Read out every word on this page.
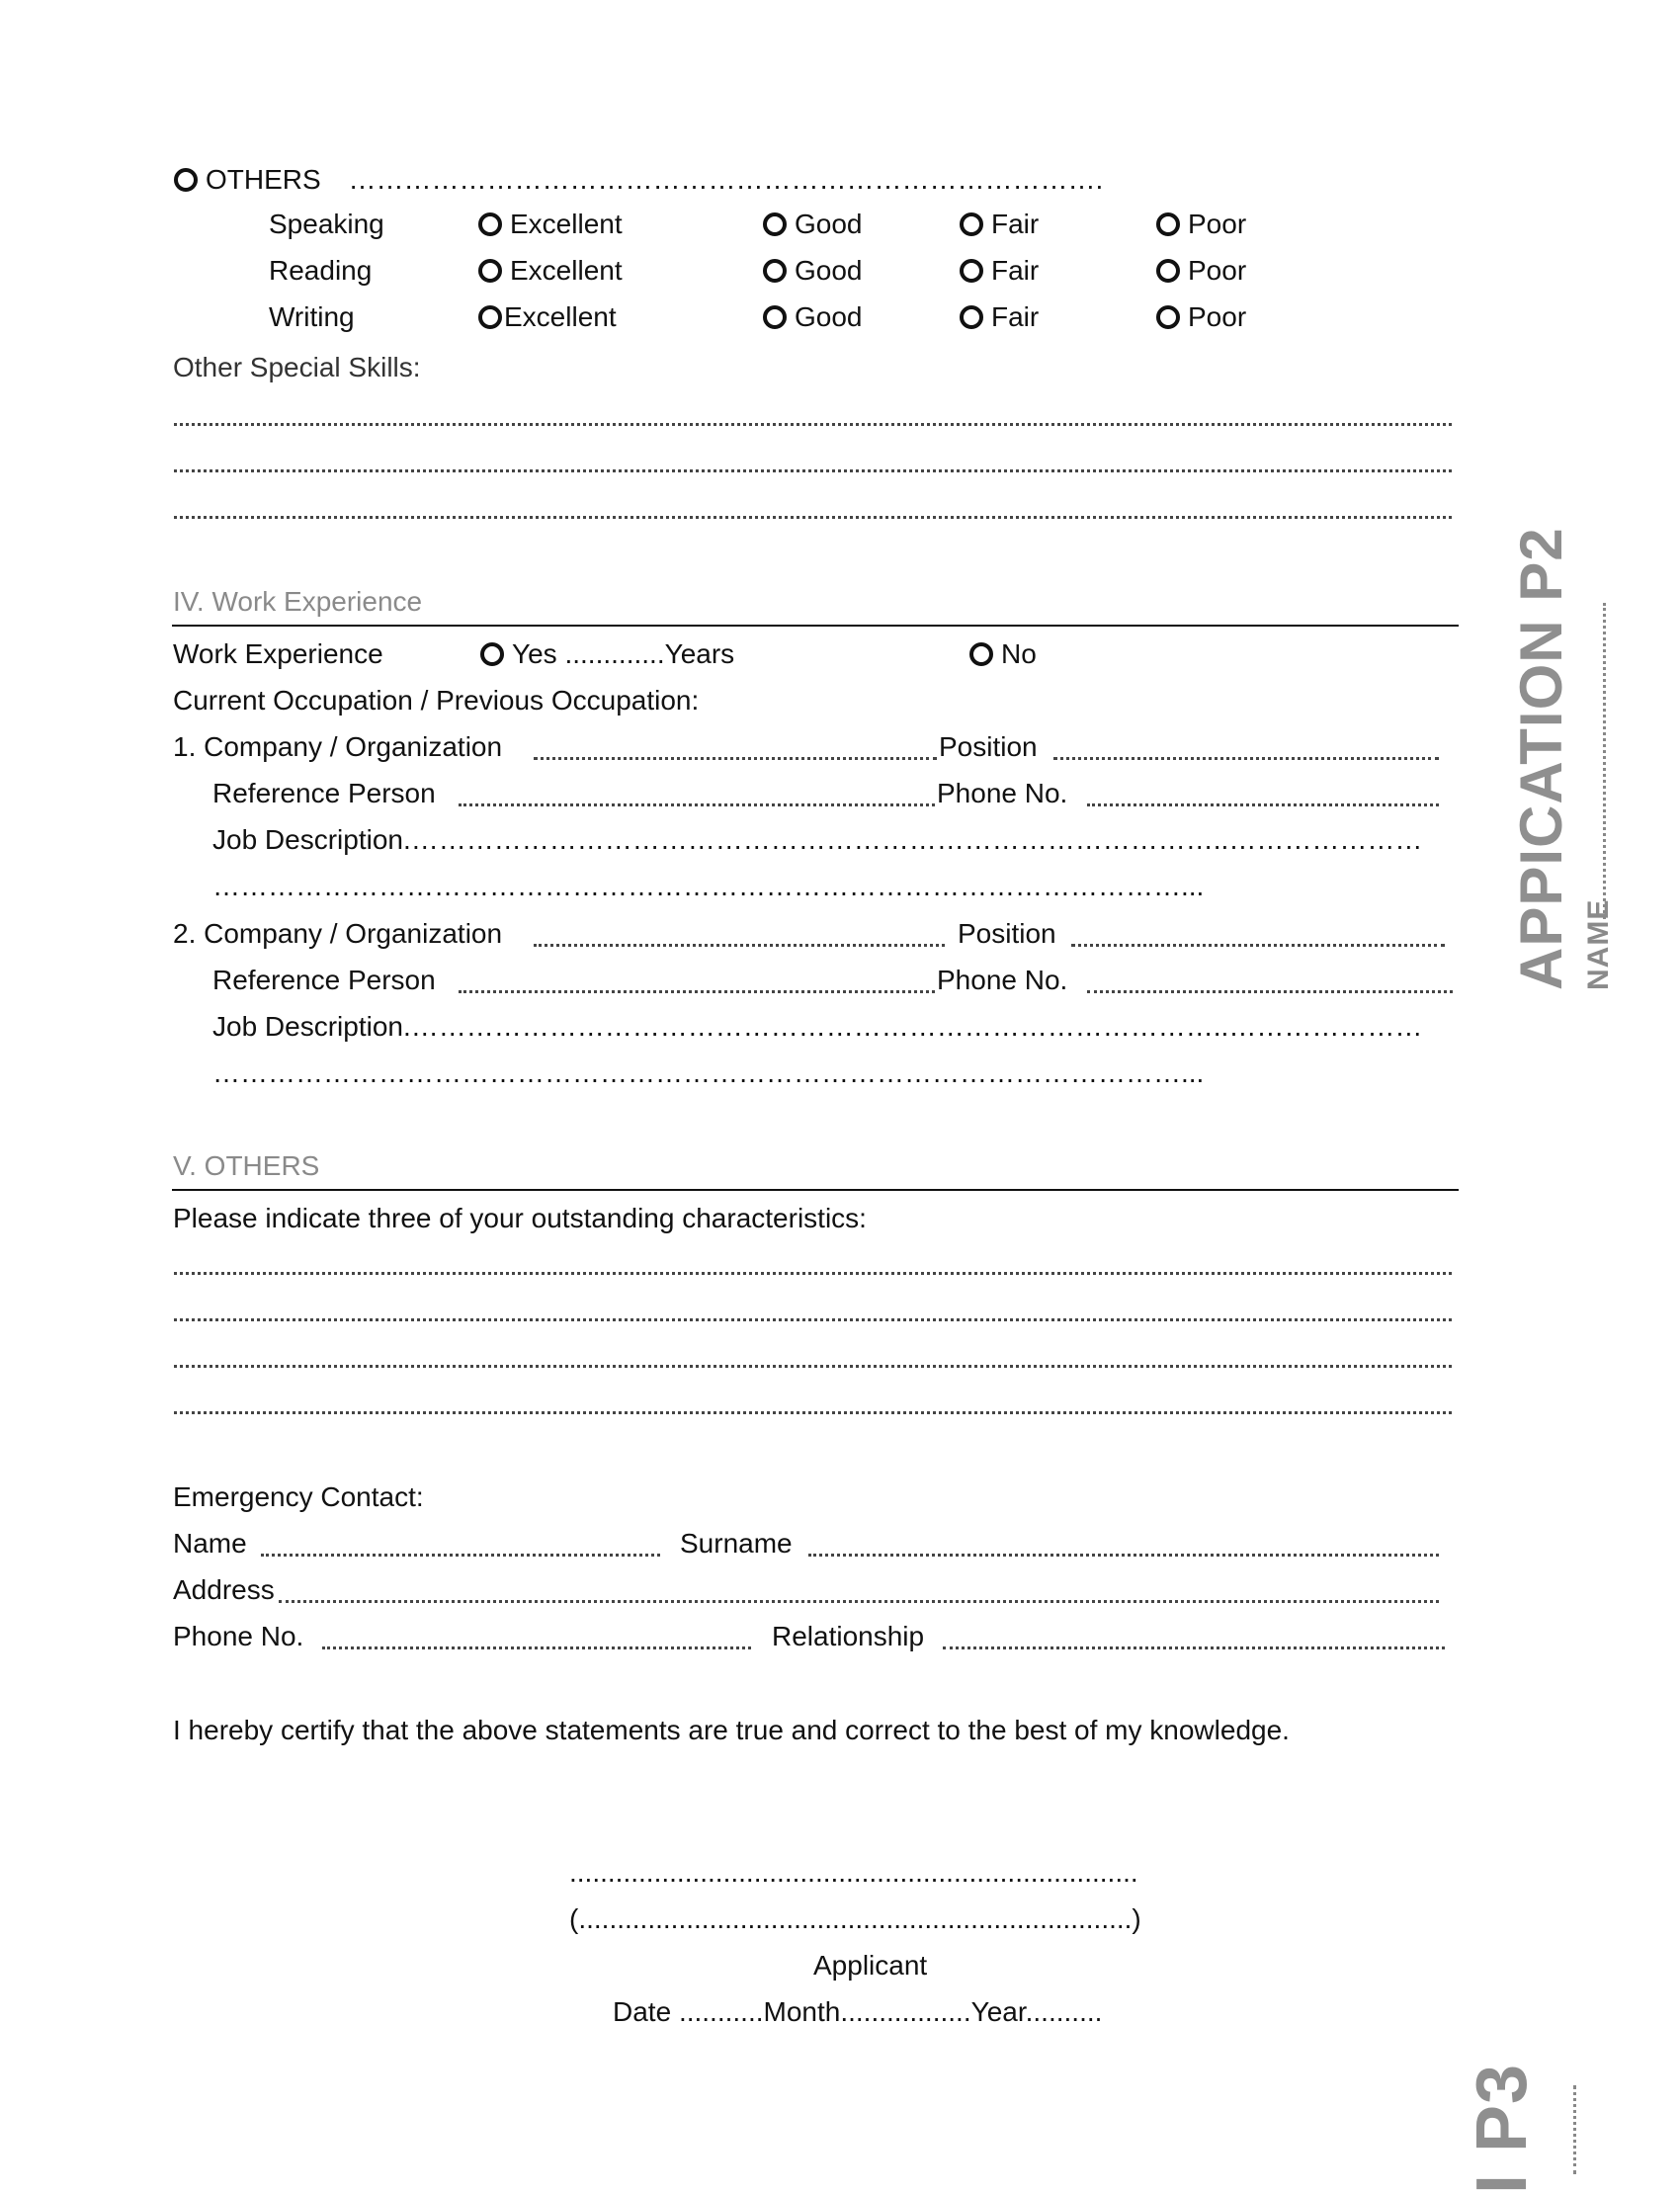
OTHERS ……………………………………………………………………….
Speaking	Excellent	Good	Fair	Poor
Reading	Excellent	Good	Fair	Poor
Writing	Excellent	Good	Fair	Poor
Other Special Skills:
IV. Work Experience
Work Experience	Yes .............Years	No
Current Occupation / Previous Occupation:
1. Company / Organization	Position
Reference Person	Phone No.
Job Description.……………………………………………………………………………..…………………
……………………………………………………………………………………………...
2. Company / Organization	Position
Reference Person	Phone No.
Job Description.……………………………………………………………………………..…………………
……………………………………………………………………………………………...
V. OTHERS
Please indicate three of your outstanding characteristics:
Emergency Contact:
Name	Surname
Address
Phone No.	Relationship
I hereby certify that the above statements are true and correct to the best of my knowledge.
..........................................................................
(........................................................................)
Applicant
Date ...........Month.................Year..........
APPICATION P2 NAME
I P3
